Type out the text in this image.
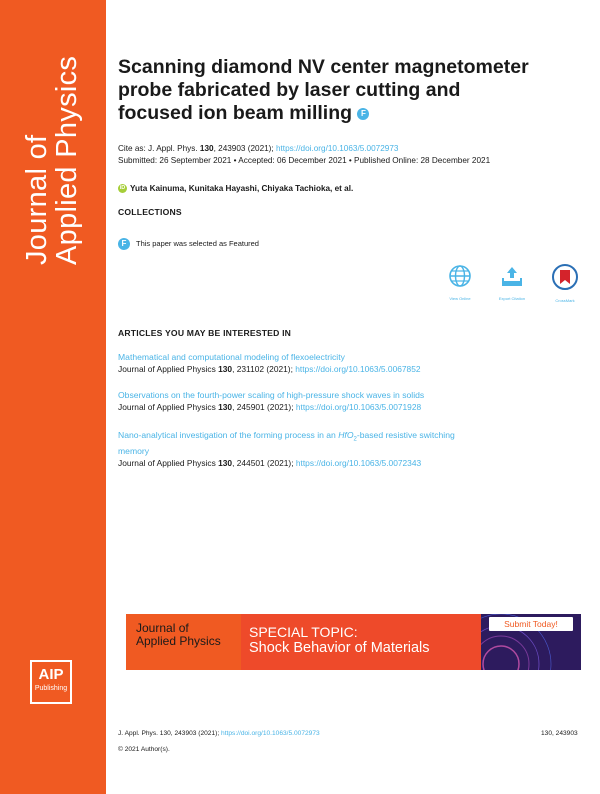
Journal of
Applied Physics
AIP
Publishing
Scanning diamond NV center magnetometer
probe fabricated by laser cutting and
focused ion beam milling F
Cite as: J. Appl. Phys. 130, 243903 (2021); https://doi.org/10.1063/5.0072973
Submitted: 26 September 2021 • Accepted: 06 December 2021 • Published Online: 28 December 2021
iD Yuta Kainuma, Kunitaka Hayashi, Chiyaka Tachioka, et al.
COLLECTIONS
F This paper was selected as Featured
View Online	Export Citation	CrossMark
ARTICLES YOU MAY BE INTERESTED IN
Mathematical and computational modeling of flexoelectricity
Journal of Applied Physics 130, 231102 (2021); https://doi.org/10.1063/5.0067852
Observations on the fourth-power scaling of high-pressure shock waves in solids
Journal of Applied Physics 130, 245901 (2021); https://doi.org/10.1063/5.0071928
Nano-analytical investigation of the forming process in an HfO$_2$-based resistive switching
memory
Journal of Applied Physics 130, 244501 (2021); https://doi.org/10.1063/5.0072343
Journal of
Applied Physics
SPECIAL TOPIC:
Shock Behavior of Materials
Submit Today!
J. Appl. Phys. 130, 243903 (2021); https://doi.org/10.1063/5.0072973	130, 243903
© 2021 Author(s).
